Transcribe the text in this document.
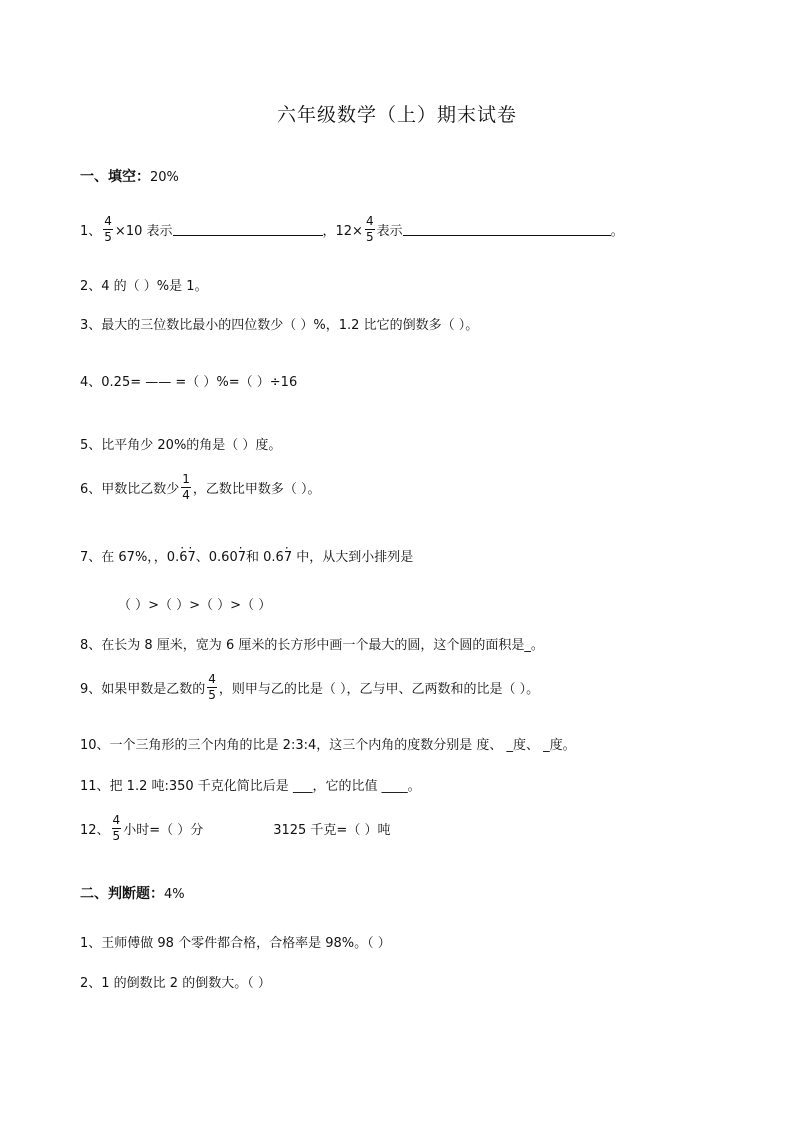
六年级数学（上）期末试卷
一、填空：20%
1、 $\frac{4}{5} \times 10$ 表示	，$12\times \frac{4}{5}$ 表示	。
2、4 的（ ）%是 1。
3、最大的三位数比最小的四位数少（ ）%，1.2 比它的倒数多（ ）。
4、0.25= —— =（ ）%=（ ）÷16
5、比平角少 20%的角是（ ）度。
6、甲数比乙数少 $\frac{1}{4}$ ，乙数比甲数多（ ）。
7、在 67%，，0.· 6· 7、0.60· 7和 0.6· 7 中，从大到小排列是
（ ）>（ ）>（ ）>（ ）
8、在长为 8 厘米，宽为 6 厘米的长方形中画一个最大的圆，这个圆的面积是_。
9、如果甲数是乙数的 $\frac{4}{5}$ ，则甲与乙的比是（ ），乙与甲、乙两数和的比是（ ）。
10、一个三角形的三个内角的比是 2:3:4，这三个内角的度数分别是 度、 _度、 _度。
11、把 1.2 吨:350 千克化简比后是 ___，它的比值 ____。
12、 $\frac{4}{5}$ 小时=（ ）分	3125 千克=（ ）吨
二、判断题：4%
1、王师傅做 98 个零件都合格，合格率是 98%。（ ）
2、1 的倒数比 2 的倒数大。（ ）
